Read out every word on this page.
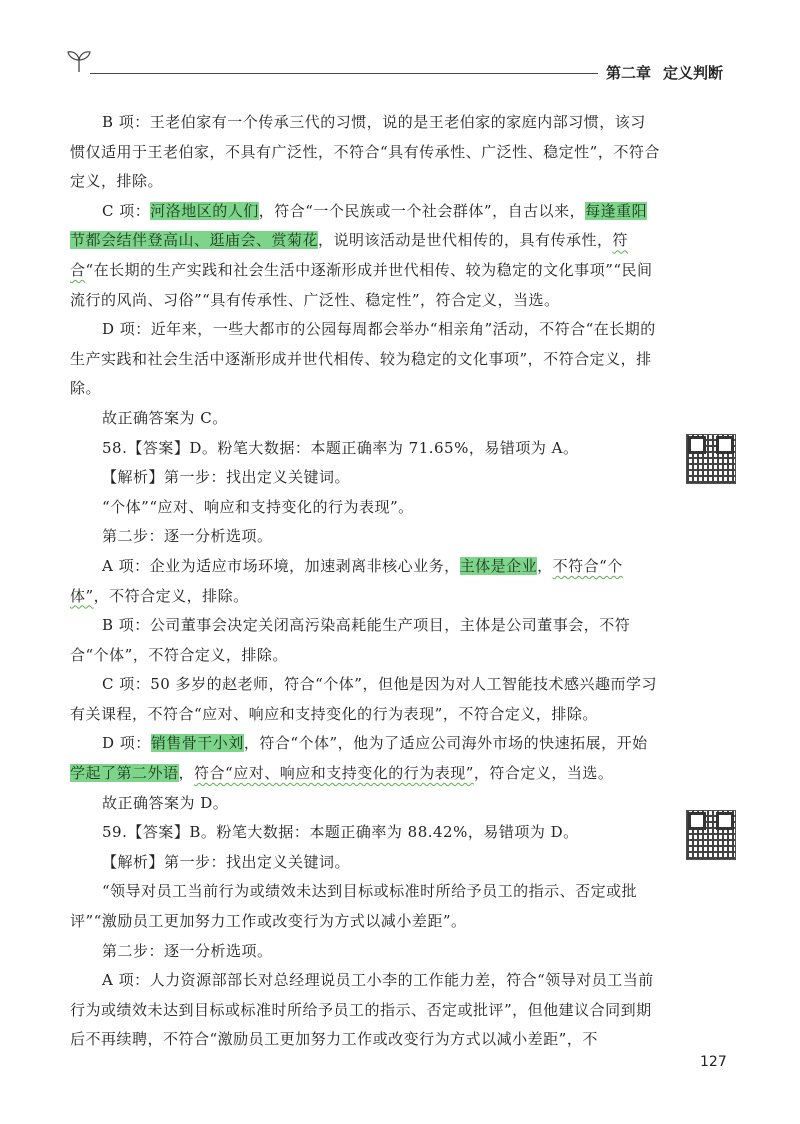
第二章 定义判断

B 项：王老伯家有一个传承三代的习惯，说的是王老伯家的家庭内部习惯，该习惯仅适用于王老伯家，不具有广泛性，不符合“具有传承性、广泛性、稳定性”，不符合定义，排除。

C 项：河洛地区的人们，符合“一个民族或一个社会群体”，自古以来，每逢重阳节都会结伴登高山、逛庙会、赏菊花，说明该活动是世代相传的，具有传承性，符合“在长期的生产实践和社会生活中逐渐形成并世代相传、较为稳定的文化事项”“民间流行的风尚、习俗”“具有传承性、广泛性、稳定性”，符合定义，当选。

D 项：近年来，一些大都市的公园每周都会举办“相亲角”活动，不符合“在长期的生产实践和社会生活中逐渐形成并世代相传、较为稳定的文化事项”，不符合定义，排除。

故正确答案为 C。

58.【答案】D。粉笔大数据：本题正确率为 71.65%，易错项为 A。

【解析】第一步：找出定义关键词。

“个体”“应对、响应和支持变化的行为表现”。

第二步：逐一分析选项。

A 项：企业为适应市场环境，加速剥离非核心业务，主体是企业，不符合“个体”，不符合定义，排除。

B 项：公司董事会决定关闭高污染高耗能生产项目，主体是公司董事会，不符合“个体”，不符合定义，排除。

C 项：50 多岁的赵老师，符合“个体”，但他是因为对人工智能技术感兴趣而学习有关课程，不符合“应对、响应和支持变化的行为表现”，不符合定义，排除。

D 项：销售骨干小刘，符合“个体”，他为了适应公司海外市场的快速拓展，开始学起了第二外语，符合“应对、响应和支持变化的行为表现”，符合定义，当选。

故正确答案为 D。

59.【答案】B。粉笔大数据：本题正确率为 88.42%，易错项为 D。

【解析】第一步：找出定义关键词。

“领导对员工当前行为或绩效未达到目标或标准时所给予员工的指示、否定或批评”“激励员工更加努力工作或改变行为方式以减小差距”。

第二步：逐一分析选项。

A 项：人力资源部部长对总经理说员工小李的工作能力差，符合“领导对员工当前行为或绩效未达到目标或标准时所给予员工的指示、否定或批评”，但他建议合同到期后不再续聘，不符合“激励员工更加努力工作或改变行为方式以减小差距”，不

127
